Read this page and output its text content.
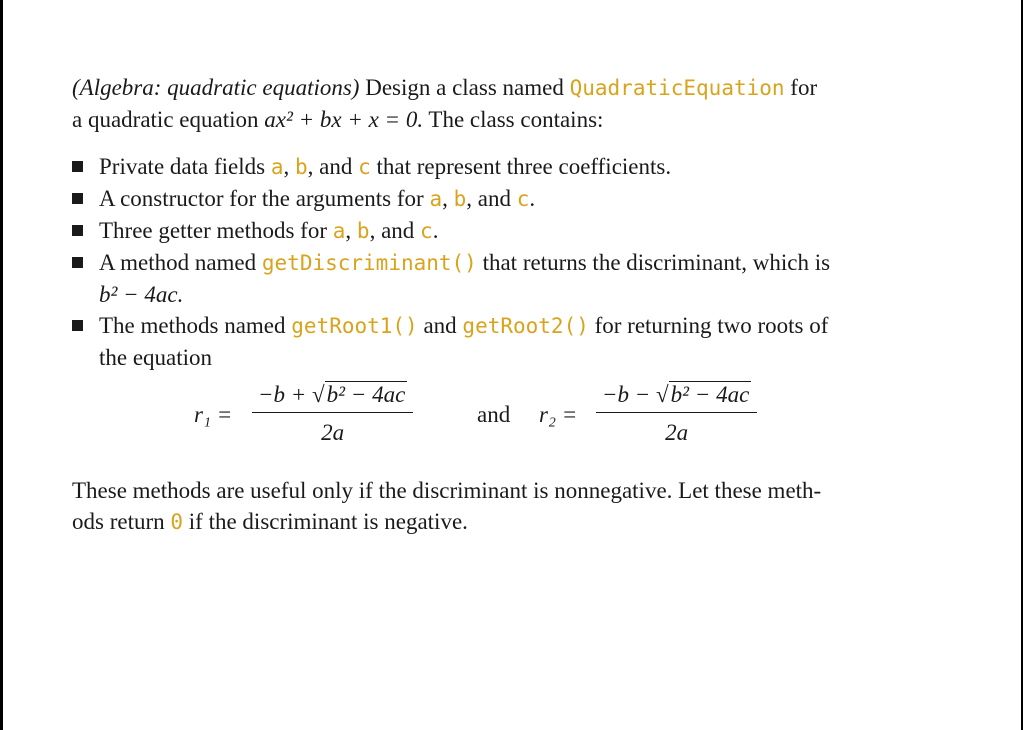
(Algebra: quadratic equations) Design a class named QuadraticEquation for
a quadratic equation ax² + bx + x = 0. The class contains:

Private data fields a, b, and c that represent three coefficients.
A constructor for the arguments for a, b, and c.
Three getter methods for a, b, and c.
A method named getDiscriminant() that returns the discriminant, which is
b² − 4ac.
The methods named getRoot1() and getRoot2() for returning two roots of
the equation
$r_1 = \frac{\text{−b + √b² − 4ac}}{2a}$	and $r_2 = \frac{\text{−b − √b² − 4ac}}{2a}$

These methods are useful only if the discriminant is nonnegative. Let these meth-
ods return 0 if the discriminant is negative.
